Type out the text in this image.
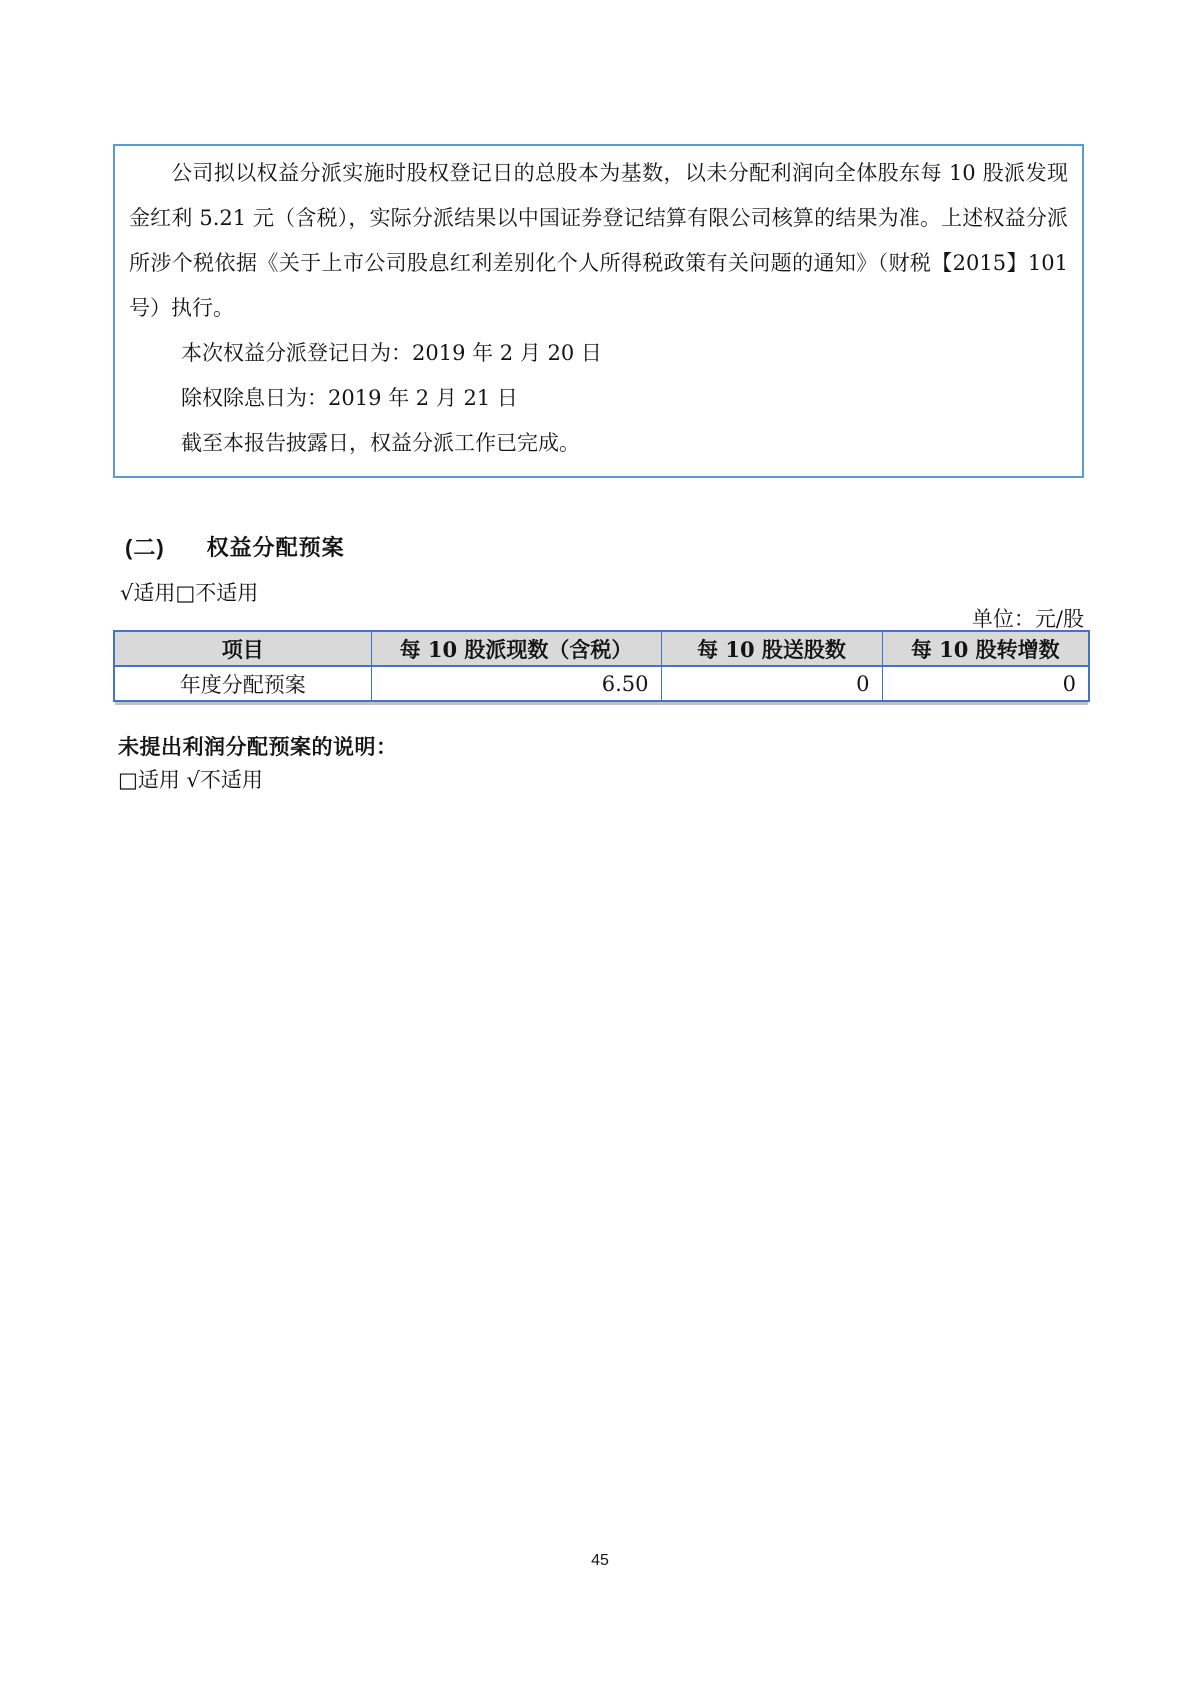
公司拟以权益分派实施时股权登记日的总股本为基数，以未分配利润向全体股东每 10 股派发现金红利 5.21 元（含税），实际分派结果以中国证券登记结算有限公司核算的结果为准。上述权益分派所涉个税依据《关于上市公司股息红利差别化个人所得税政策有关问题的通知》（财税【2015】101 号）执行。

本次权益分派登记日为：2019 年 2 月 20 日

除权除息日为：2019 年 2 月 21 日

截至本报告披露日，权益分派工作已完成。

(二) 权益分配预案
√适用□不适用
单位：元/股
项目	每 10 股派现数（含税）	每 10 股送股数	每 10 股转增数
年度分配预案	6.50	0	0
未提出利润分配预案的说明：
□适用 √不适用
45
